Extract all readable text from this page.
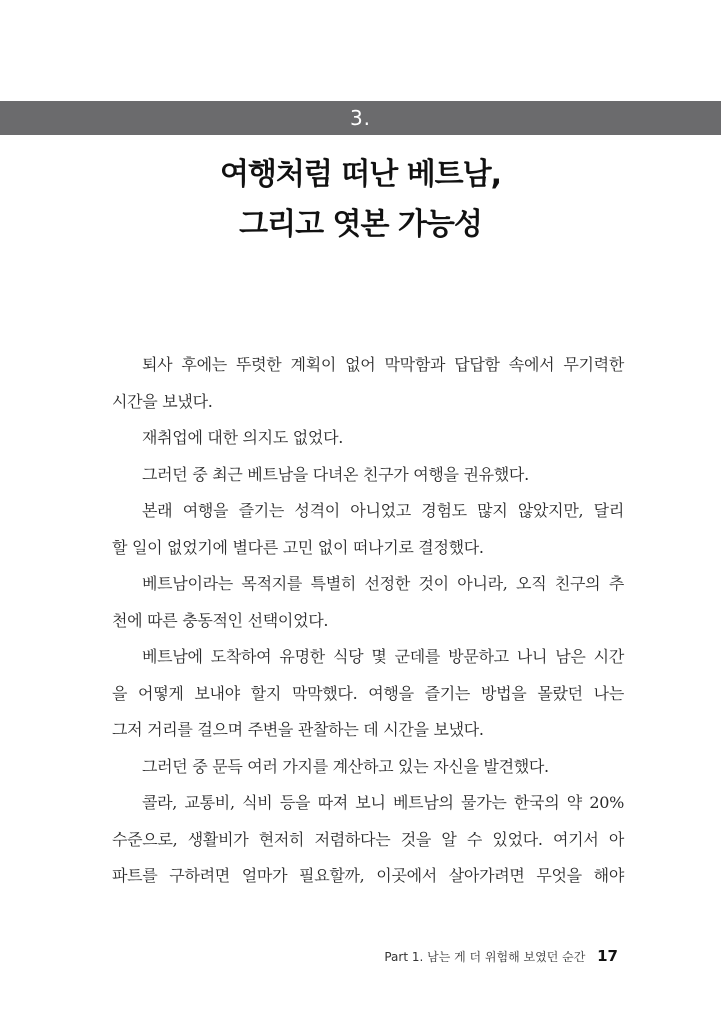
3.
여행처럼 떠난 베트남,
그리고 엿본 가능성
퇴사 후에는 뚜렷한 계획이 없어 막막함과 답답함 속에서 무기력한
시간을 보냈다.
재취업에 대한 의지도 없었다.
그러던 중 최근 베트남을 다녀온 친구가 여행을 권유했다.
본래 여행을 즐기는 성격이 아니었고 경험도 많지 않았지만, 달리
할 일이 없었기에 별다른 고민 없이 떠나기로 결정했다.
베트남이라는 목적지를 특별히 선정한 것이 아니라, 오직 친구의 추
천에 따른 충동적인 선택이었다.
베트남에 도착하여 유명한 식당 몇 군데를 방문하고 나니 남은 시간
을 어떻게 보내야 할지 막막했다. 여행을 즐기는 방법을 몰랐던 나는
그저 거리를 걸으며 주변을 관찰하는 데 시간을 보냈다.
그러던 중 문득 여러 가지를 계산하고 있는 자신을 발견했다.
콜라, 교통비, 식비 등을 따져 보니 베트남의 물가는 한국의 약 20%
수준으로, 생활비가 현저히 저렴하다는 것을 알 수 있었다. 여기서 아
파트를 구하려면 얼마가 필요할까, 이곳에서 살아가려면 무엇을 해야
Part 1. 남는 게 더 위험해 보였던 순간 17
